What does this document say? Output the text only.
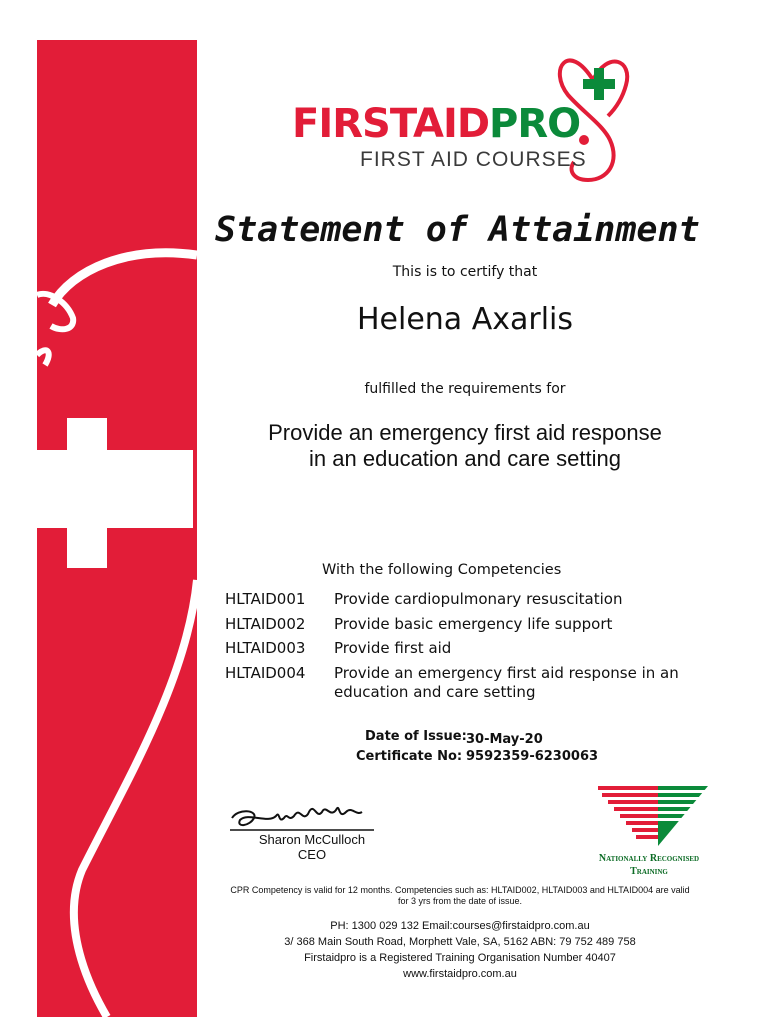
FIRSTAIDPRO
FIRST AID COURSES
Statement of Attainment
This is to certify that
Helena Axarlis
fulfilled the requirements for
Provide an emergency first aid response
in an education and care setting
With the following Competencies
HLTAID001	Provide cardiopulmonary resuscitation
HLTAID002	Provide basic emergency life support
HLTAID003	Provide first aid
HLTAID004	Provide an emergency first aid response in an education and care setting
Date of Issue: 30-May-20
Certificate No: 9592359-6230063
Sharon McCulloch
CEO	Nationally Recognised
Training
CPR Competency is valid for 12 months. Competencies such as: HLTAID002, HLTAID003 and HLTAID004 are valid for 3 yrs from the date of issue.
PH: 1300 029 132 Email:courses@firstaidpro.com.au
3/ 368 Main South Road, Morphett Vale, SA, 5162 ABN: 79 752 489 758
Firstaidpro is a Registered Training Organisation Number 40407
www.firstaidpro.com.au
